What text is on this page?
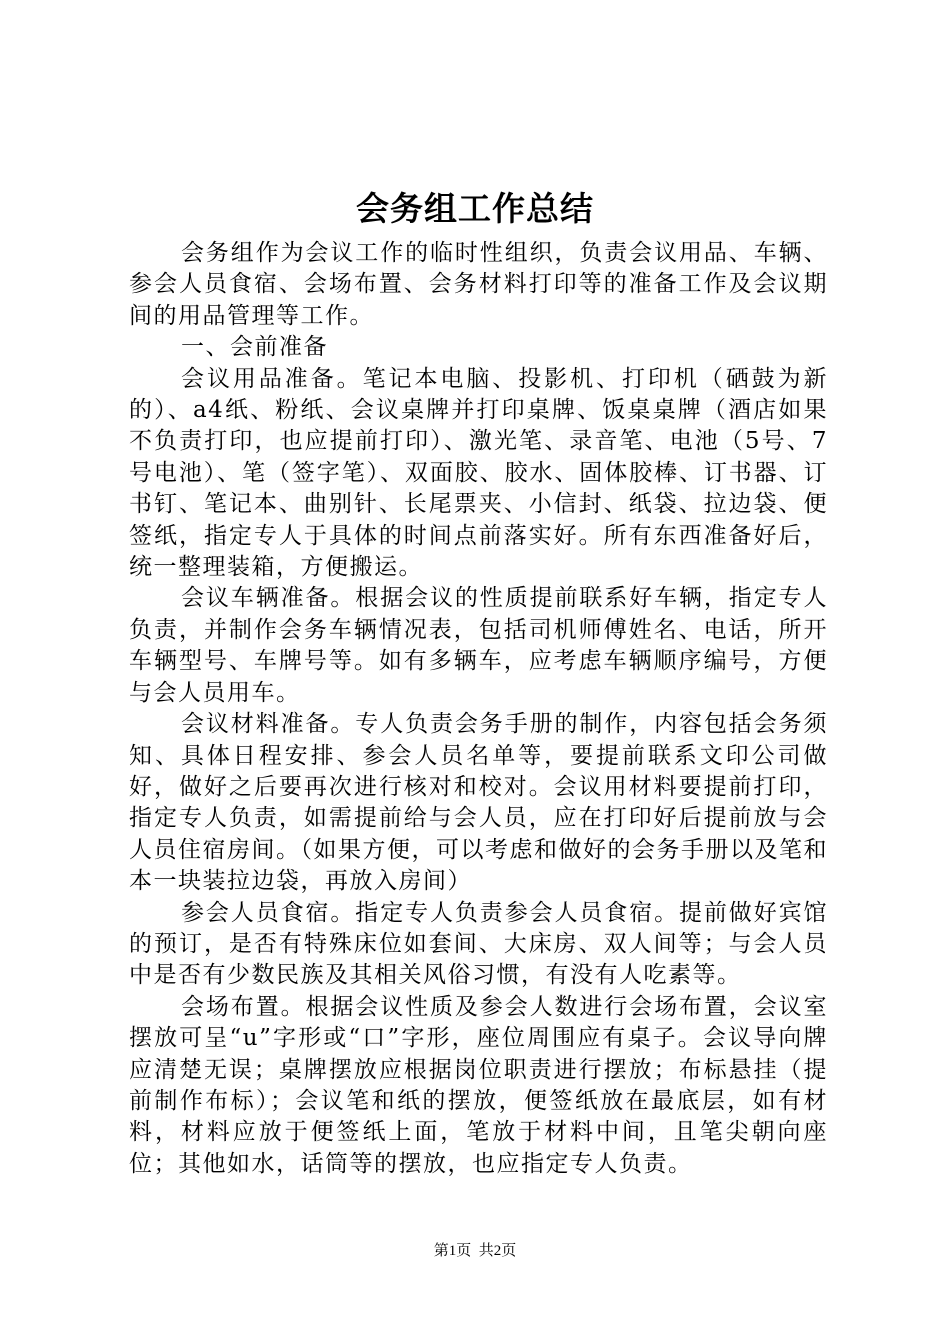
会务组工作总结

会务组作为会议工作的临时性组织，负责会议用品、车辆、参会人员食宿、会场布置、会务材料打印等的准备工作及会议期间的用品管理等工作。

一、会前准备

会议用品准备。笔记本电脑、投影机、打印机（硒鼓为新的）、a4纸、粉纸、会议桌牌并打印桌牌、饭桌桌牌（酒店如果不负责打印，也应提前打印）、激光笔、录音笔、电池（5号、7号电池）、笔（签字笔）、双面胶、胶水、固体胶棒、订书器、订书钉、笔记本、曲别针、长尾票夹、小信封、纸袋、拉边袋、便签纸，指定专人于具体的时间点前落实好。所有东西准备好后，统一整理装箱，方便搬运。

会议车辆准备。根据会议的性质提前联系好车辆，指定专人负责，并制作会务车辆情况表，包括司机师傅姓名、电话，所开车辆型号、车牌号等。如有多辆车，应考虑车辆顺序编号，方便与会人员用车。

会议材料准备。专人负责会务手册的制作，内容包括会务须知、具体日程安排、参会人员名单等，要提前联系文印公司做好，做好之后要再次进行核对和校对。会议用材料要提前打印，指定专人负责，如需提前给与会人员，应在打印好后提前放与会人员住宿房间。（如果方便，可以考虑和做好的会务手册以及笔和本一块装拉边袋，再放入房间）

参会人员食宿。指定专人负责参会人员食宿。提前做好宾馆的预订，是否有特殊床位如套间、大床房、双人间等；与会人员中是否有少数民族及其相关风俗习惯，有没有人吃素等。

会场布置。根据会议性质及参会人数进行会场布置，会议室摆放可呈“u”字形或“口”字形，座位周围应有桌子。会议导向牌应清楚无误；桌牌摆放应根据岗位职责进行摆放；布标悬挂（提前制作布标）；会议笔和纸的摆放，便签纸放在最底层，如有材料，材料应放于便签纸上面，笔放于材料中间，且笔尖朝向座位；其他如水，话筒等的摆放，也应指定专人负责。

第1页  共2页
